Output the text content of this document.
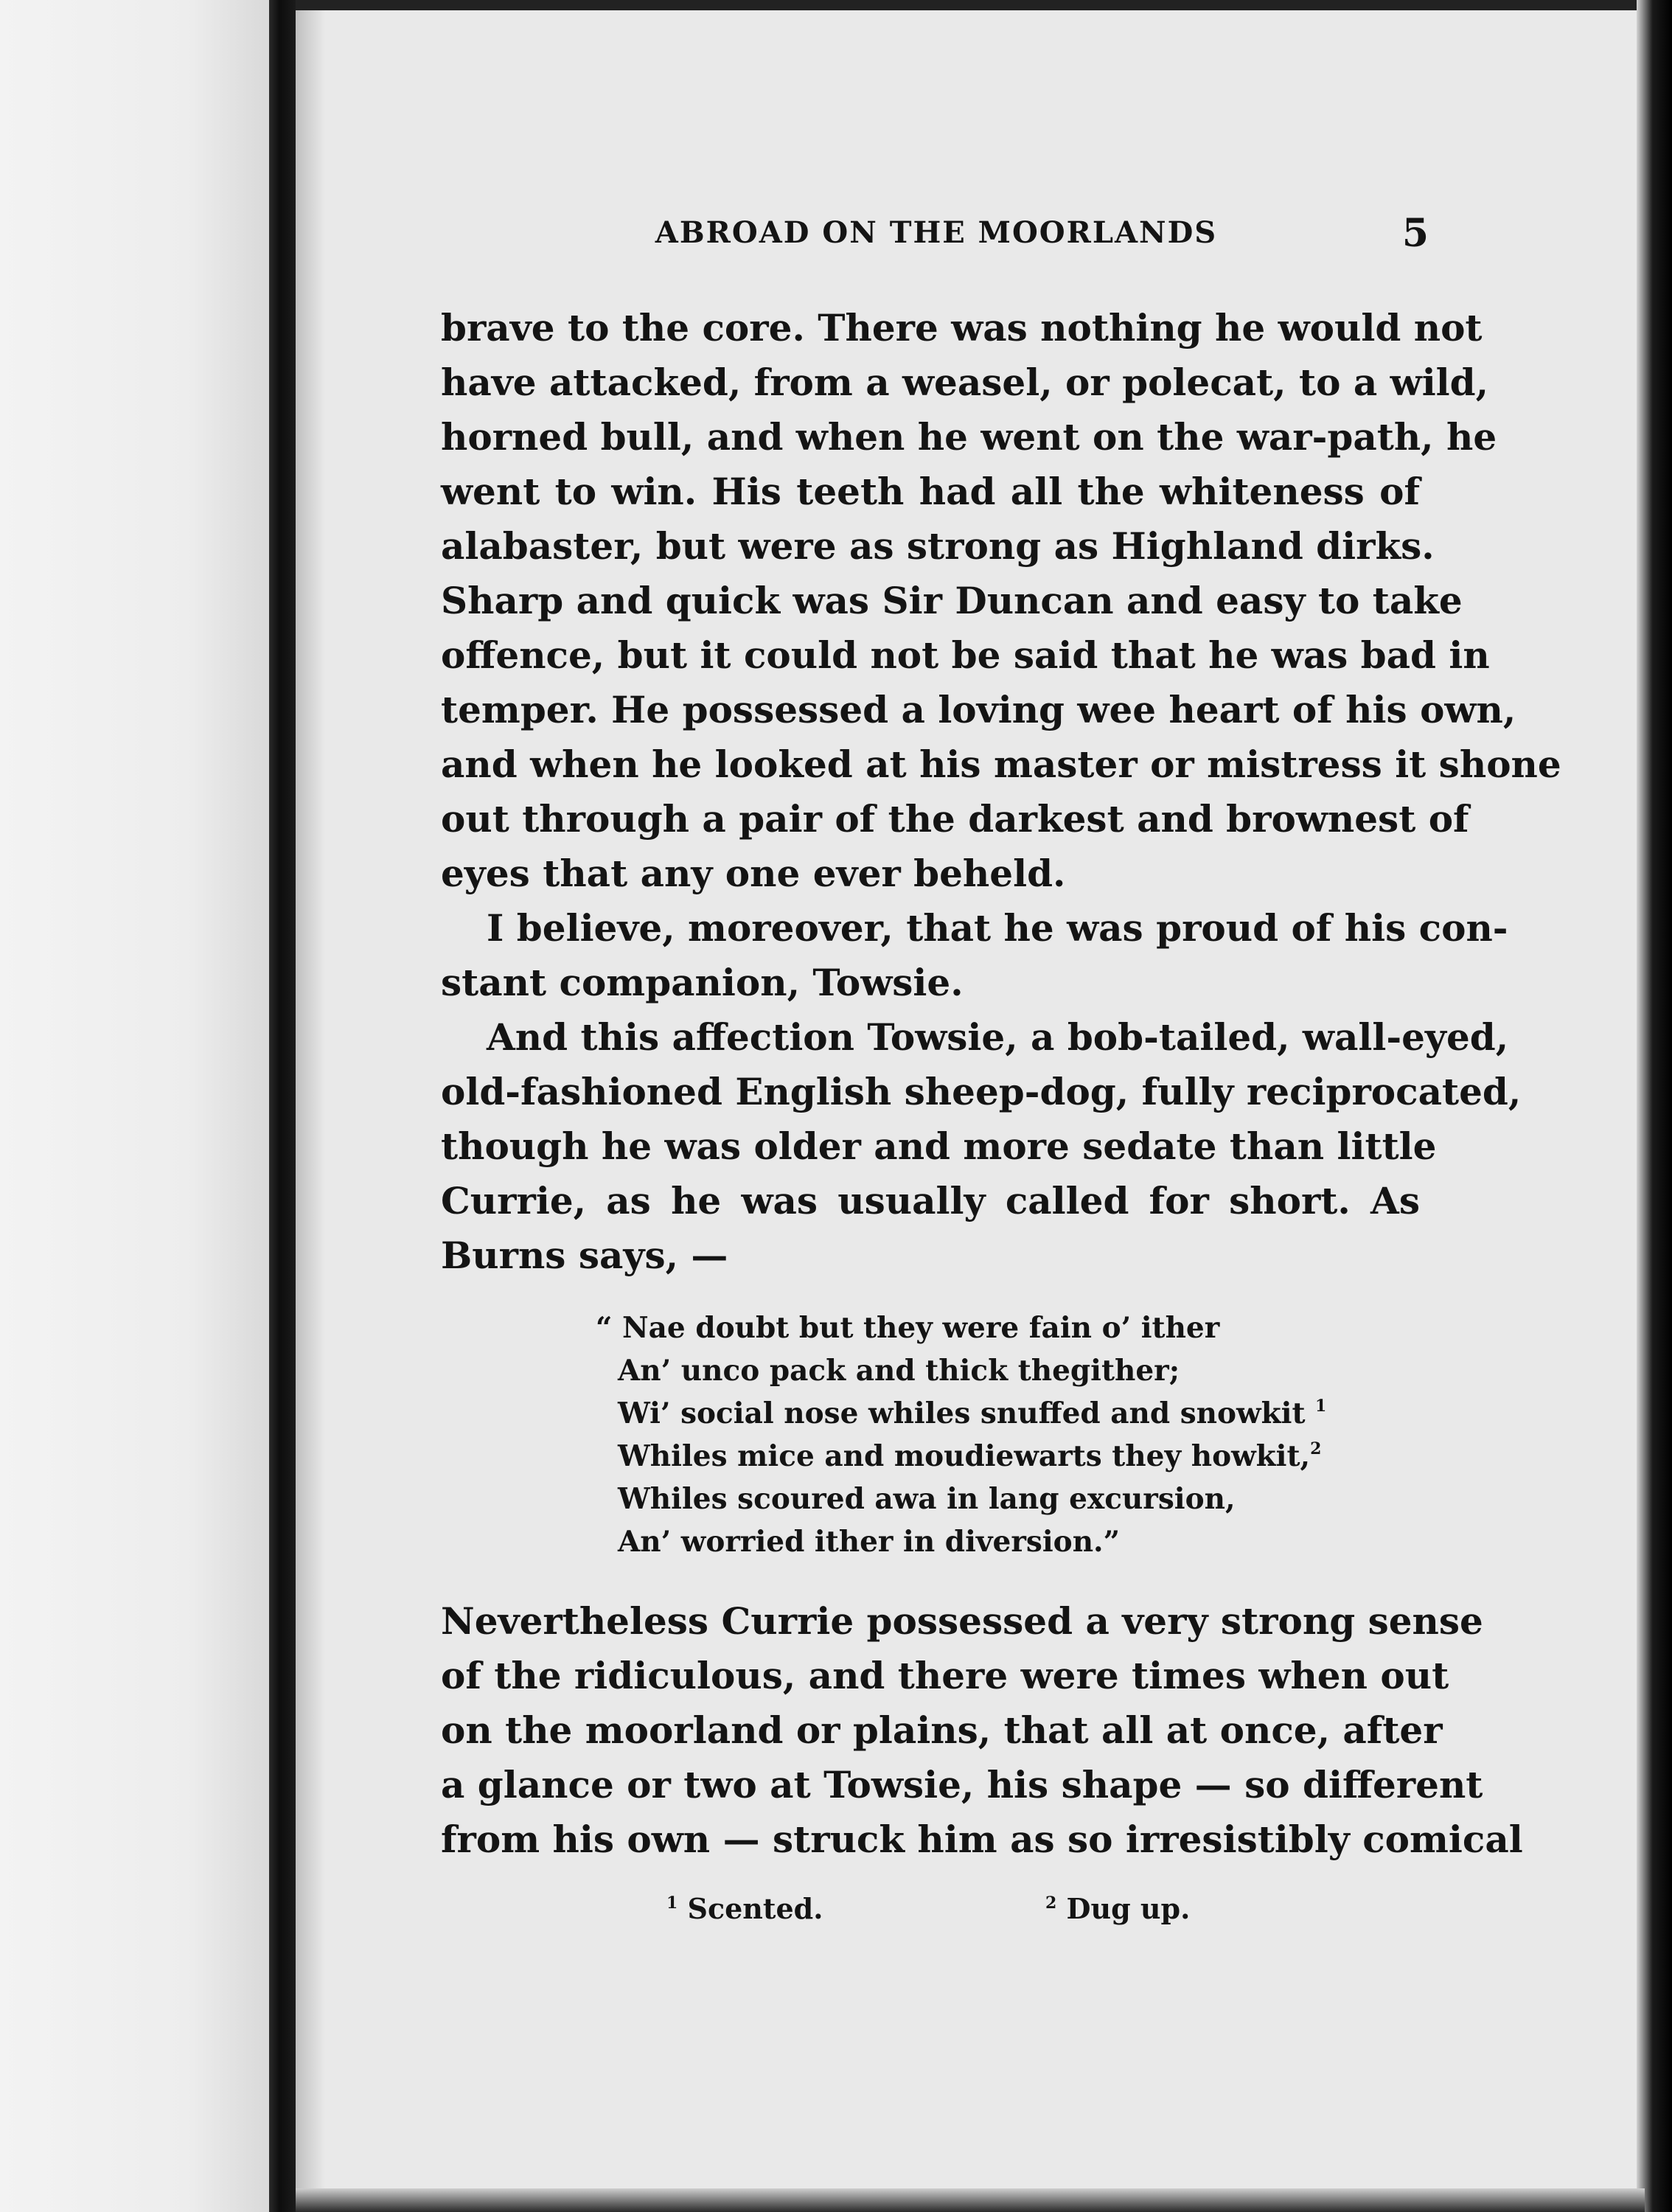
ABROAD ON THE MOORLANDS	5
brave to the core. There was nothing he would not
have attacked, from a weasel, or polecat, to a wild,
horned bull, and when he went on the war-path, he
went to win. His teeth had all the whiteness of
alabaster, but were as strong as Highland dirks.
Sharp and quick was Sir Duncan and easy to take
offence, but it could not be said that he was bad in
temper. He possessed a loving wee heart of his own,
and when he looked at his master or mistress it shone
out through a pair of the darkest and brownest of
eyes that any one ever beheld.
I believe, moreover, that he was proud of his con-
stant companion, Towsie.
And this affection Towsie, a bob-tailed, wall-eyed,
old-fashioned English sheep-dog, fully reciprocated,
though he was older and more sedate than little
Currie, as he was usually called for short. As
Burns says, —
“ Nae doubt but they were fain o’ ither
An’ unco pack and thick thegither;
Wi’ social nose whiles snuffed and snowkit $^1$
Whiles mice and moudiewarts they howkit,$^2$
Whiles scoured awa in lang excursion,
An’ worried ither in diversion.”
Nevertheless Currie possessed a very strong sense
of the ridiculous, and there were times when out
on the moorland or plains, that all at once, after
a glance or two at Towsie, his shape — so different
from his own — struck him as so irresistibly comical
$^1$ Scented.	$^2$ Dug up.
